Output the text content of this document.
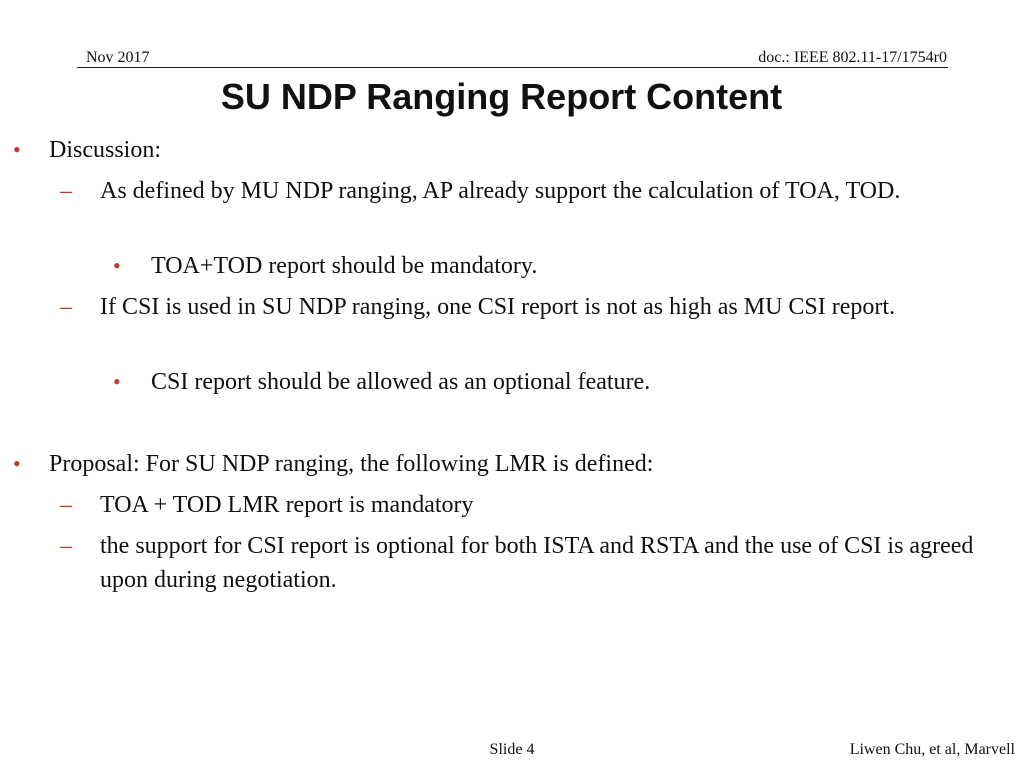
Nov 2017	doc.: IEEE 802.11-17/1754r0
SU NDP Ranging Report Content
• Discussion:

– As defined by MU NDP ranging, AP already support the calculation of TOA, TOD.

• TOA+TOD report should be mandatory.

– If CSI is used in SU NDP ranging, one CSI report is not as high as MU CSI report.

• CSI report should be allowed as an optional feature.

• Proposal: For SU NDP ranging, the following LMR is defined:

– TOA + TOD LMR report is mandatory

– the support for CSI report is optional for both ISTA and RSTA and the use of CSI is agreed upon during negotiation.

Slide 4	Liwen Chu, et al, Marvell
